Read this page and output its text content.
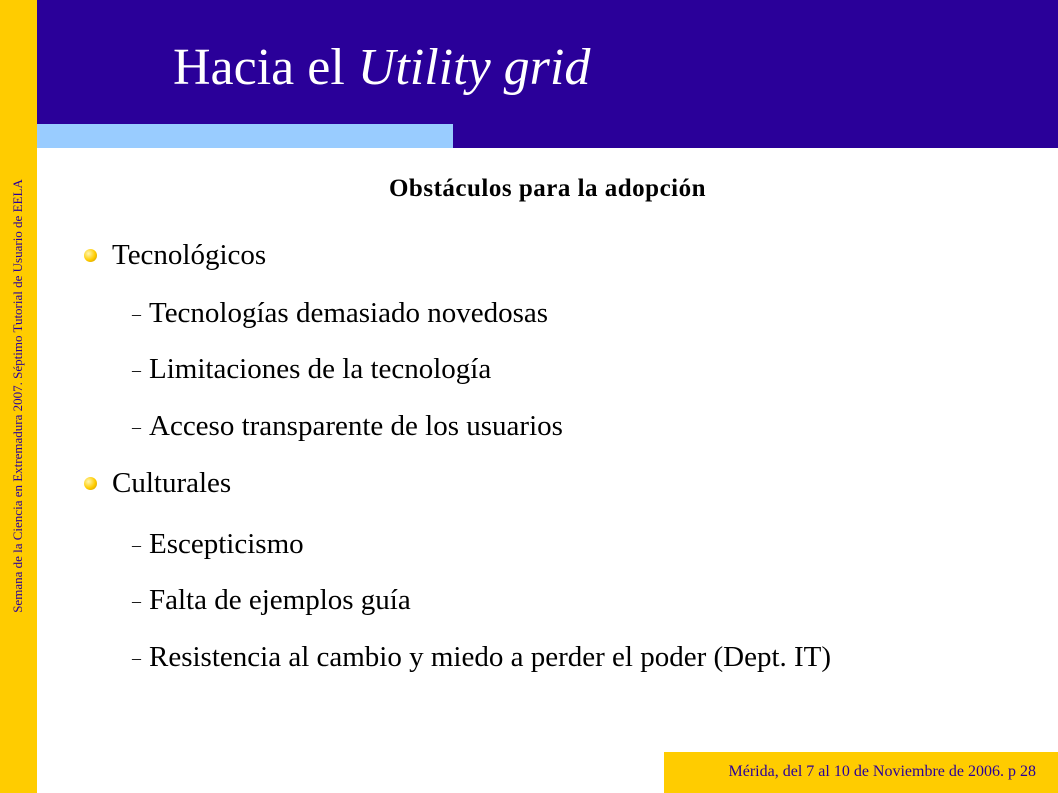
Semana de la Ciencia en Extremadura 2007. Séptimo Tutorial de Usuario de EELA
Hacia el Utility grid
Obstáculos para la adopción
Tecnológicos
– Tecnologías demasiado novedosas
– Limitaciones de la tecnología
– Acceso transparente de los usuarios
Culturales
– Escepticismo
– Falta de ejemplos guía
– Resistencia al cambio y miedo a perder el poder (Dept. IT)
Mérida, del 7 al 10 de Noviembre de 2006. p 28
